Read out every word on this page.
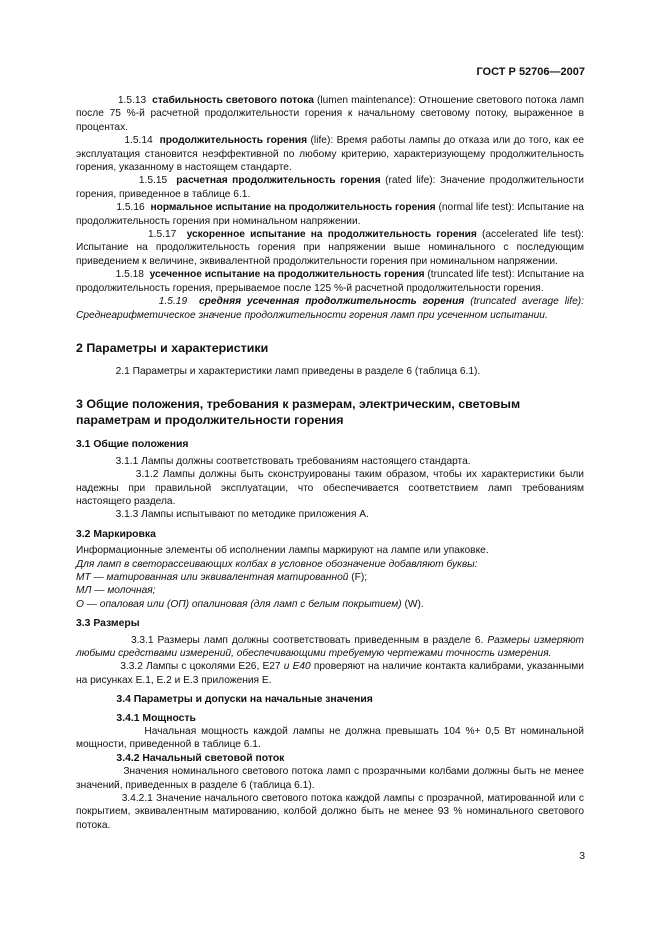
ГОСТ Р 52706—2007

1.5.13 стабильность светового потока (lumen maintenance): Отношение светового потока ламп после 75 %-й расчетной продолжительности горения к начальному световому потоку, выраженное в процентах.

1.5.14 продолжительность горения (life): Время работы лампы до отказа или до того, как ее эксплуатация становится неэффективной по любому критерию, характеризующему продолжительность горения, указанному в настоящем стандарте.

1.5.15 расчетная продолжительность горения (rated life): Значение продолжительности горения, приведенное в таблице 6.1.

1.5.16 нормальное испытание на продолжительность горения (normal life test): Испытание на продолжительность горения при номинальном напряжении.

1.5.17 ускоренное испытание на продолжительность горения (accelerated life test): Испытание на продолжительность горения при напряжении выше номинального с последующим приведением к величине, эквивалентной продолжительности горения при номинальном напряжении.

1.5.18 усеченное испытание на продолжительность горения (truncated life test): Испытание на продолжительность горения, прерываемое после 125 %-й расчетной продолжительности горения.

1.5.19 средняя усеченная продолжительность горения (truncated average life): Среднеарифметическое значение продолжительности горения ламп при усеченном испытании.

2 Параметры и характеристики

2.1 Параметры и характеристики ламп приведены в разделе 6 (таблица 6.1).

3 Общие положения, требования к размерам, электрическим, световым параметрам и продолжительности горения
3.1 Общие положения

3.1.1 Лампы должны соответствовать требованиям настоящего стандарта.

3.1.2 Лампы должны быть сконструированы таким образом, чтобы их характеристики были надежны при правильной эксплуатации, что обеспечивается соответствием ламп требованиям настоящего раздела.

3.1.3 Лампы испытывают по методике приложения А.

3.2 Маркировка

Информационные элементы об исполнении лампы маркируют на лампе или упаковке.

Для ламп в светорассеивающих колбах в условное обозначение добавляют буквы:

МТ — матированная или эквивалентная матированной (F);

МЛ — молочная;

О — опаловая или (ОП) опалиновая (для ламп с белым покрытием) (W).

3.3 Размеры

3.3.1 Размеры ламп должны соответствовать приведенным в разделе 6. Размеры измеряют любыми средствами измерений, обеспечивающими требуемую чертежами точность измерения.

3.3.2 Лампы с цоколями Е26, Е27 и Е40 проверяют на наличие контакта калибрами, указанными на рисунках Е.1, Е.2 и Е.3 приложения Е.

3.4 Параметры и допуски на начальные значения
3.4.1 Мощность

Начальная мощность каждой лампы не должна превышать 104 %+ 0,5 Вт номинальной мощности, приведенной в таблице 6.1.

3.4.2 Начальный световой поток

Значения номинального светового потока ламп с прозрачными колбами должны быть не менее значений, приведенных в разделе 6 (таблица 6.1).

3.4.2.1 Значение начального светового потока каждой лампы с прозрачной, матированной или с покрытием, эквивалентным матированию, колбой должно быть не менее 93 % номинального светового потока.

3
